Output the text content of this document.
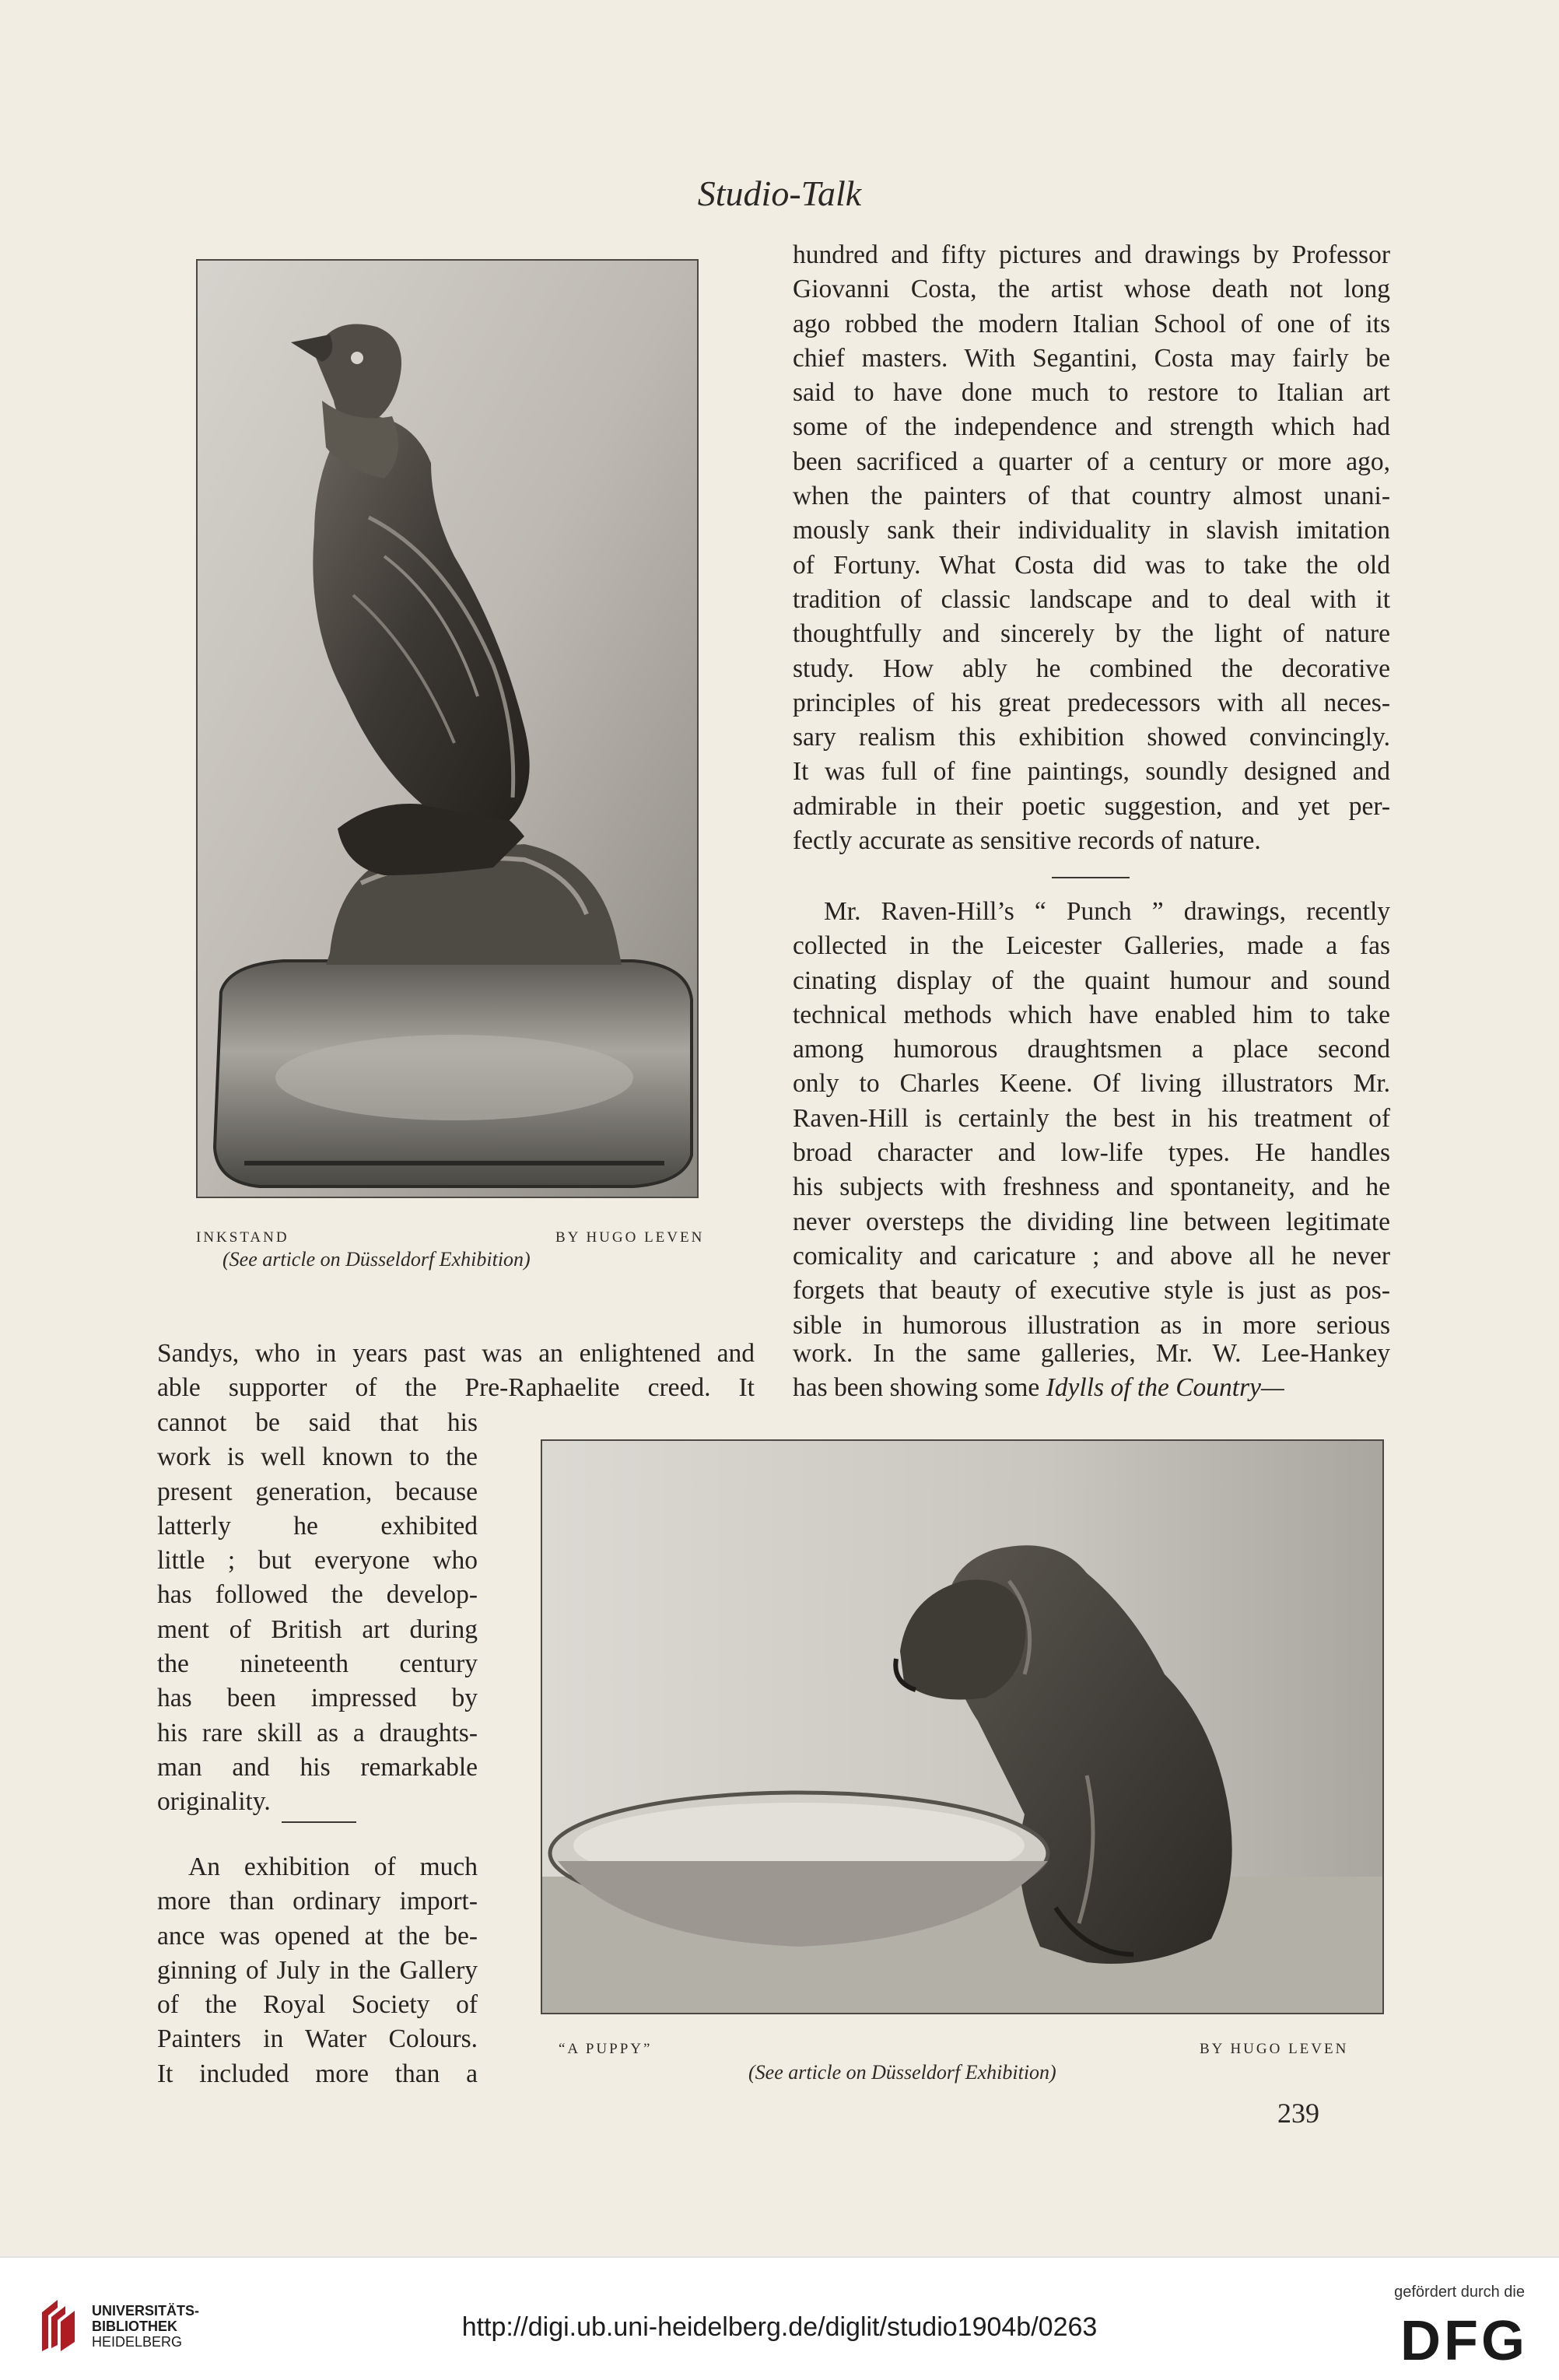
Studio-Talk
INKSTAND	BY HUGO LEVEN
(See article on Düsseldorf Exhibition)
hundred and fifty pictures and drawings by Professor
Giovanni Costa, the artist whose death not long
ago robbed the modern Italian School of one of its
chief masters. With Segantini, Costa may fairly be
said to have done much to restore to Italian art
some of the independence and strength which had
been sacrificed a quarter of a century or more ago,
when the painters of that country almost unani-
mously sank their individuality in slavish imitation
of Fortuny. What Costa did was to take the old
tradition of classic landscape and to deal with it
thoughtfully and sincerely by the light of nature
study. How ably he combined the decorative
principles of his great predecessors with all neces-
sary realism this exhibition showed convincingly.
It was full of fine paintings, soundly designed and
admirable in their poetic suggestion, and yet per-
fectly accurate as sensitive records of nature.
Mr. Raven-Hill’s “ Punch ” drawings, recently
collected in the Leicester Galleries, made a fas
cinating display of the quaint humour and sound
technical methods which have enabled him to take
among humorous draughtsmen a place second
only to Charles Keene. Of living illustrators Mr.
Raven-Hill is certainly the best in his treatment of
broad character and low-life types. He handles
his subjects with freshness and spontaneity, and he
never oversteps the dividing line between legitimate
comicality and caricature ; and above all he never
forgets that beauty of executive style is just as pos-
sible in humorous illustration as in more serious
Sandys, who in years past was an enlightened and
able supporter of the Pre-Raphaelite creed. It
work. In the same galleries, Mr. W. Lee-Hankey
has been showing some Idylls of the Country—
cannot be said that his
work is well known to the
present generation, because
latterly he exhibited
little ; but everyone who
has followed the develop-
ment of British art during
the nineteenth century
has been impressed by
his rare skill as a draughts-
man and his remarkable
originality.
An exhibition of much
more than ordinary import-
ance was opened at the be-
ginning of July in the Gallery
of the Royal Society of
Painters in Water Colours.
It included more than a
“A PUPPY”	BY HUGO LEVEN
(See article on Düsseldorf Exhibition)
239
UNIVERSITÄTS-
BIBLIOTHEK
HEIDELBERG	http://digi.ub.uni-heidelberg.de/diglit/studio1904b/0263
gefördert durch die
DFG
